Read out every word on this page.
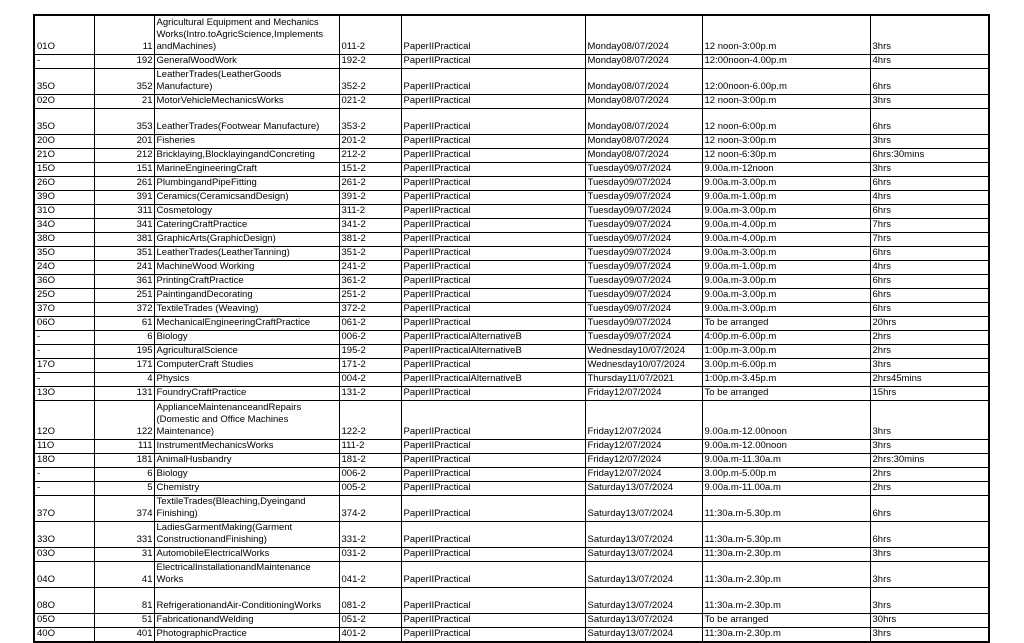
01O	11	Agricultural Equipment and Mechanics Works(Intro.toAgricScience,Implements andMachines)	011-2	PaperIIPractical	Monday08/07/2024	12 noon-3:00p.m	3hrs
-	192	GeneralWoodWork	192-2	PaperIIPractical	Monday08/07/2024	12:00noon-4.00p.m	4hrs
35O	352	LeatherTrades(LeatherGoods Manufacture)	352-2	PaperIIPractical	Monday08/07/2024	12:00noon-6.00p.m	6hrs
02O	21	MotorVehicleMechanicsWorks	021-2	PaperIIPractical	Monday08/07/2024	12 noon-3:00p.m	3hrs
35O	353	LeatherTrades(Footwear Manufacture)	353-2	PaperIIPractical	Monday08/07/2024	12 noon-6:00p.m	6hrs
20O	201	Fisheries	201-2	PaperIIPractical	Monday08/07/2024	12 noon-3:00p.m	3hrs
21O	212	Bricklaying,BlocklayingandConcreting	212-2	PaperIIPractical	Monday08/07/2024	12 noon-6:30p.m	6hrs:30mins
15O	151	MarineEngineeringCraft	151-2	PaperIIPractical	Tuesday09/07/2024	9.00a.m-12noon	3hrs
26O	261	PlumbingandPipeFitting	261-2	PaperIIPractical	Tuesday09/07/2024	9.00a.m-3.00p.m	6hrs
39O	391	Ceramics(CeramicsandDesign)	391-2	PaperIIPractical	Tuesday09/07/2024	9.00a.m-1.00p.m	4hrs
31O	311	Cosmetology	311-2	PaperIIPractical	Tuesday09/07/2024	9.00a.m-3.00p.m	6hrs
34O	341	CateringCraftPractice	341-2	PaperIIPractical	Tuesday09/07/2024	9.00a.m-4.00p.m	7hrs
38O	381	GraphicArts(GraphicDesign)	381-2	PaperIIPractical	Tuesday09/07/2024	9.00a.m-4.00p.m	7hrs
35O	351	LeatherTrades(LeatherTanning)	351-2	PaperIIPractical	Tuesday09/07/2024	9.00a.m-3.00p.m	6hrs
24O	241	MachineWood Working	241-2	PaperIIPractical	Tuesday09/07/2024	9.00a.m-1.00p.m	4hrs
36O	361	PrintingCraftPractice	361-2	PaperIIPractical	Tuesday09/07/2024	9.00a.m-3.00p.m	6hrs
25O	251	PaintingandDecorating	251-2	PaperIIPractical	Tuesday09/07/2024	9.00a.m-3.00p.m	6hrs
37O	372	TextileTrades (Weaving)	372-2	PaperIIPractical	Tuesday09/07/2024	9.00a.m-3.00p.m	6hrs
06O	61	MechanicalEngineeringCraftPractice	061-2	PaperIIPractical	Tuesday09/07/2024	To be arranged	20hrs
-	6	Biology	006-2	PaperIIPracticalAlternativeB	Tuesday09/07/2024	4:00p.m-6.00p.m	2hrs
-	195	AgriculturalScience	195-2	PaperIIPracticalAlternativeB	Wednesday10/07/2024	1:00p.m-3.00p.m	2hrs
17O	171	ComputerCraft Studies	171-2	PaperIIPractical	Wednesday10/07/2024	3.00p.m-6.00p.m	3hrs
-	4	Physics	004-2	PaperIIPracticalAlternativeB	Thursday11/07/2021	1:00p.m-3.45p.m	2hrs45mins
13O	131	FoundryCraftPractice	131-2	PaperIIPractical	Friday12/07/2024	To be arranged	15hrs
12O	122	ApplianceMaintenanceandRepairs (Domestic and Office Machines Maintenance)	122-2	PaperIIPractical	Friday12/07/2024	9.00a.m-12.00noon	3hrs
11O	111	InstrumentMechanicsWorks	111-2	PaperIIPractical	Friday12/07/2024	9.00a.m-12.00noon	3hrs
18O	181	AnimalHusbandry	181-2	PaperIIPractical	Friday12/07/2024	9.00a.m-11.30a.m	2hrs:30mins
-	6	Biology	006-2	PaperIIPractical	Friday12/07/2024	3.00p.m-5.00p.m	2hrs
-	5	Chemistry	005-2	PaperIIPractical	Saturday13/07/2024	9.00a.m-11.00a.m	2hrs
37O	374	TextileTrades(Bleaching,Dyeingand Finishing)	374-2	PaperIIPractical	Saturday13/07/2024	11:30a.m-5.30p.m	6hrs
33O	331	LadiesGarmentMaking(Garment ConstructionandFinishing)	331-2	PaperIIPractical	Saturday13/07/2024	11:30a.m-5.30p.m	6hrs
03O	31	AutomobileElectricalWorks	031-2	PaperIIPractical	Saturday13/07/2024	11:30a.m-2.30p.m	3hrs
04O	41	ElectricalInstallationandMaintenance Works	041-2	PaperIIPractical	Saturday13/07/2024	11:30a.m-2.30p.m	3hrs
08O	81	RefrigerationandAir-ConditioningWorks	081-2	PaperIIPractical	Saturday13/07/2024	11:30a.m-2.30p.m	3hrs
05O	51	FabricationandWelding	051-2	PaperIIPractical	Saturday13/07/2024	To be arranged	30hrs
40O	401	PhotographicPractice	401-2	PaperIIPractical	Saturday13/07/2024	11:30a.m-2.30p.m	3hrs
